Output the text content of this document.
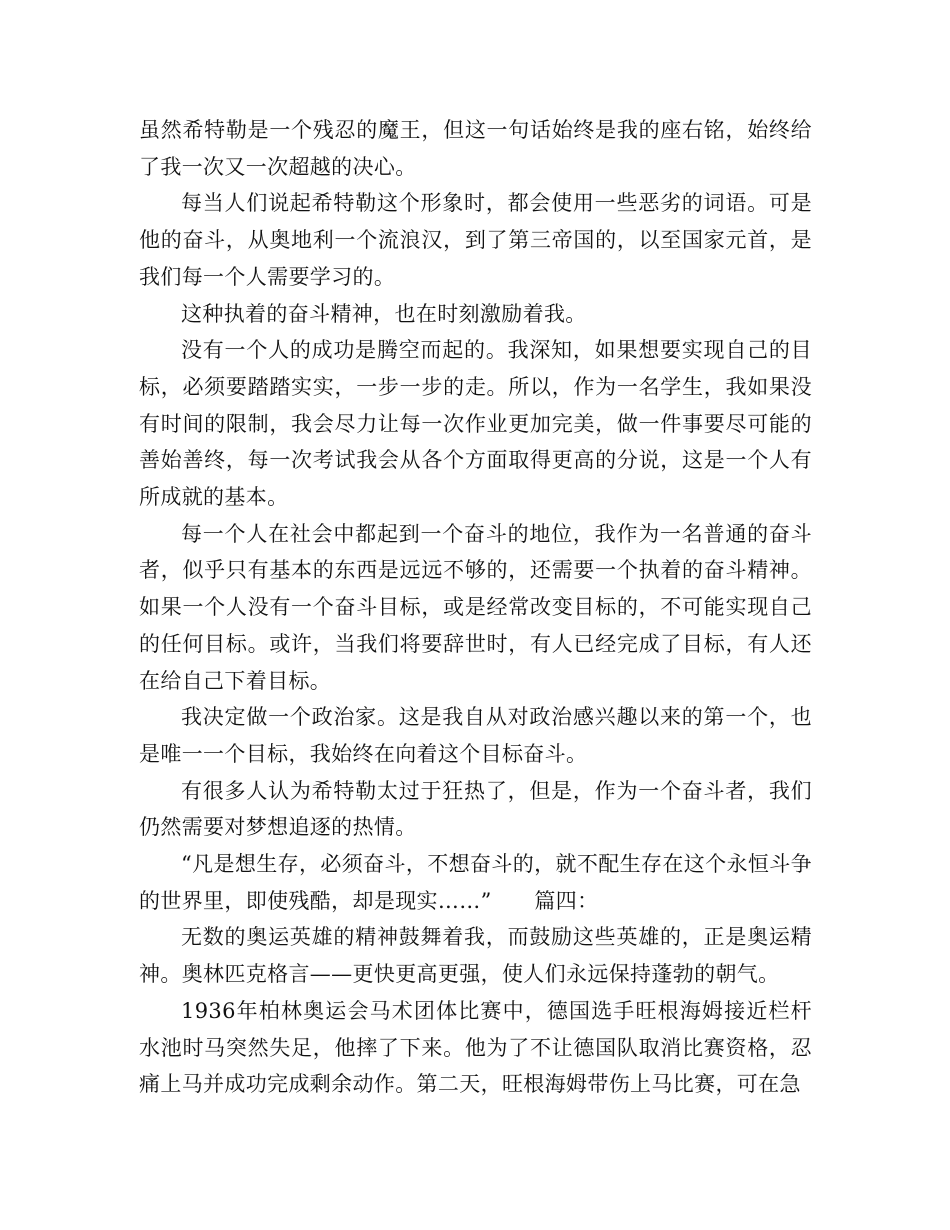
虽然希特勒是一个残忍的魔王，但这一句话始终是我的座右铭，始终给了我一次又一次超越的决心。

每当人们说起希特勒这个形象时，都会使用一些恶劣的词语。可是他的奋斗，从奥地利一个流浪汉，到了第三帝国的，以至国家元首，是我们每一个人需要学习的。

这种执着的奋斗精神，也在时刻激励着我。

没有一个人的成功是腾空而起的。我深知，如果想要实现自己的目标，必须要踏踏实实，一步一步的走。所以，作为一名学生，我如果没有时间的限制，我会尽力让每一次作业更加完美，做一件事要尽可能的善始善终，每一次考试我会从各个方面取得更高的分说，这是一个人有所成就的基本。

每一个人在社会中都起到一个奋斗的地位，我作为一名普通的奋斗者，似乎只有基本的东西是远远不够的，还需要一个执着的奋斗精神。如果一个人没有一个奋斗目标，或是经常改变目标的，不可能实现自己的任何目标。或许，当我们将要辞世时，有人已经完成了目标，有人还在给自己下着目标。

我决定做一个政治家。这是我自从对政治感兴趣以来的第一个，也是唯一一个目标，我始终在向着这个目标奋斗。

有很多人认为希特勒太过于狂热了，但是，作为一个奋斗者，我们仍然需要对梦想追逐的热情。

“凡是想生存，必须奋斗，不想奋斗的，就不配生存在这个永恒斗争的世界里，即使残酷，却是现实……”　　篇四：

无数的奥运英雄的精神鼓舞着我，而鼓励这些英雄的，正是奥运精神。奥林匹克格言——更快更高更强，使人们永远保持蓬勃的朝气。

1936年柏林奥运会马术团体比赛中，德国选手旺根海姆接近栏杆水池时马突然失足，他摔了下来。他为了不让德国队取消比赛资格，忍痛上马并成功完成剩余动作。第二天，旺根海姆带伤上马比赛，可在急
